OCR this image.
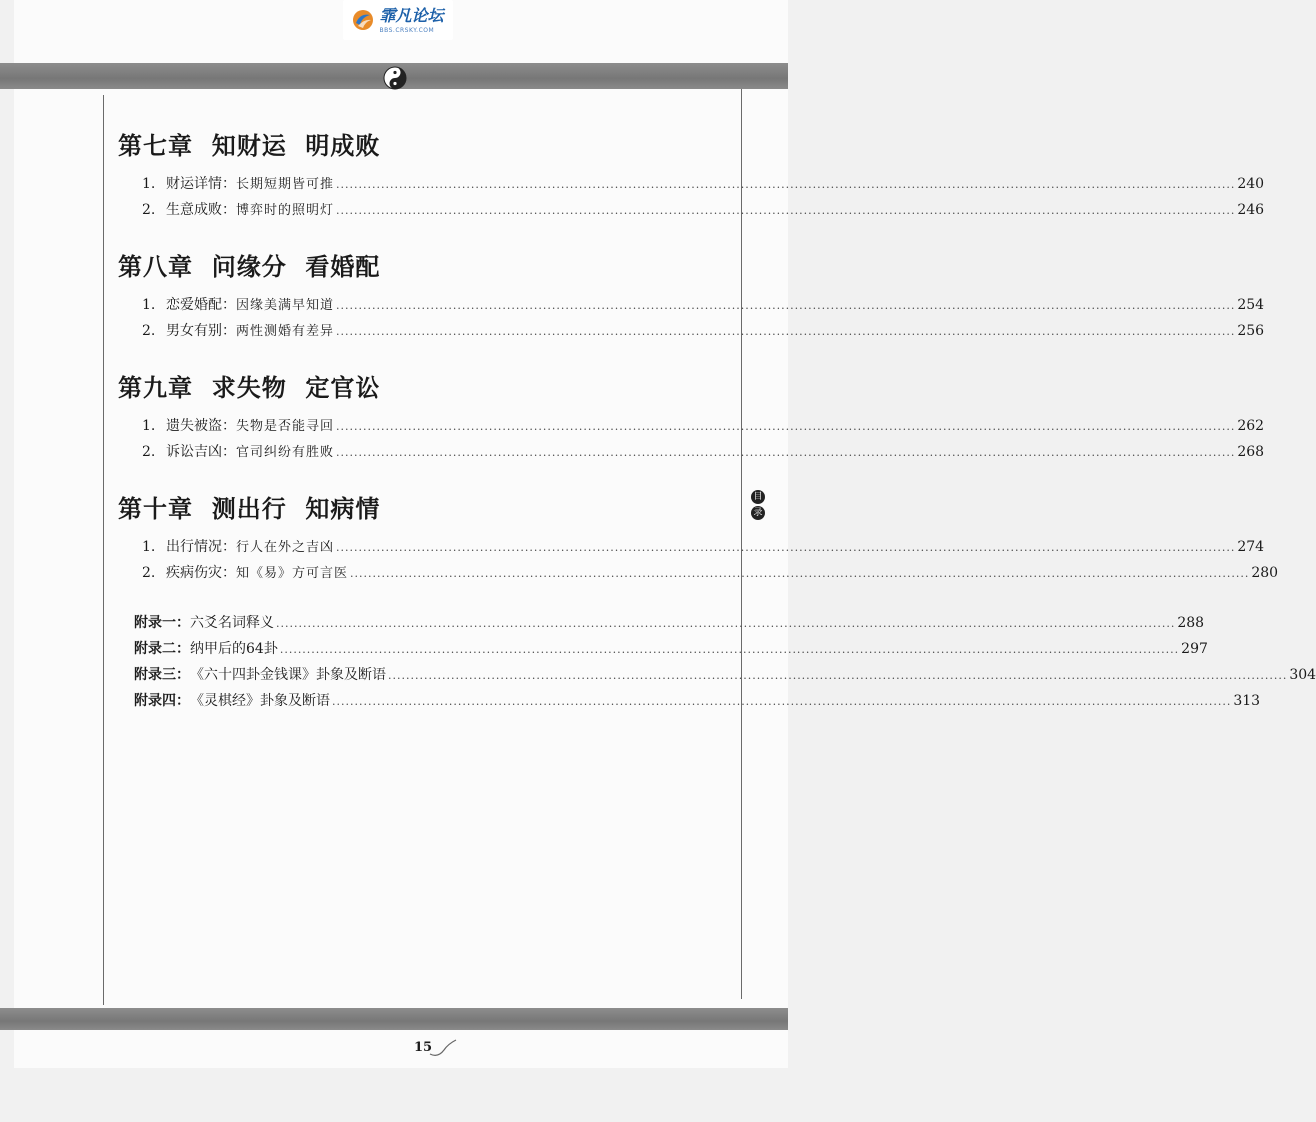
霏凡论坛
BBS.CRSKY.COM
第七章  知财运  明成败
1. 财运详情： 长期短期皆可推 ........................................................................................................................................................................................................ 240
2. 生意成败： 博弈时的照明灯 ........................................................................................................................................................................................................ 246
第八章  问缘分  看婚配
1. 恋爱婚配： 因缘美满早知道 ........................................................................................................................................................................................................ 254
2. 男女有别： 两性测婚有差异 ........................................................................................................................................................................................................ 256
第九章  求失物  定官讼
1. 遗失被盗： 失物是否能寻回 ........................................................................................................................................................................................................ 262
2. 诉讼吉凶： 官司纠纷有胜败 ........................................................................................................................................................................................................ 268
第十章  测出行  知病情
1. 出行情况： 行人在外之吉凶 ........................................................................................................................................................................................................ 274
2. 疾病伤灾： 知《易》方可言医 ........................................................................................................................................................................................................ 280
附录一： 六爻名词释义 ........................................................................................................................................................................................................ 288
附录二： 纳甲后的64卦 ........................................................................................................................................................................................................ 297
附录三： 《六十四卦金钱课》卦象及断语 ........................................................................................................................................................................................................ 304
附录四： 《灵棋经》卦象及断语 ........................................................................................................................................................................................................ 313
目
录
15
